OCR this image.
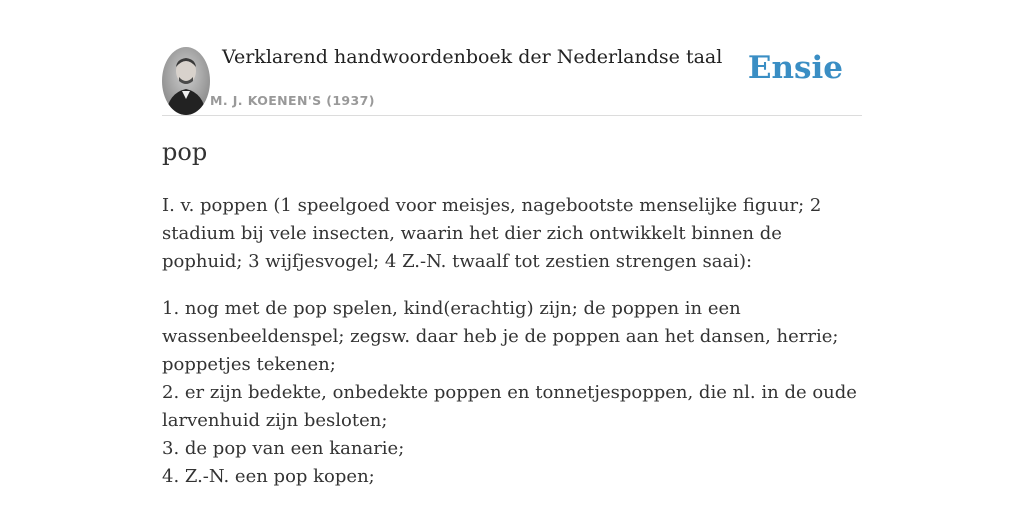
Verklarend handwoordenboek der Nederlandse taal
M. J. KOENEN'S (1937)
Ensie
pop

I. v. poppen (1 speelgoed voor meisjes, nagebootste menselijke figuur; 2 stadium bij vele insecten, waarin het dier zich ontwikkelt binnen de pophuid; 3 wijfjesvogel; 4 Z.-N. twaalf tot zestien strengen saai):

1. nog met de pop spelen, kind(erachtig) zijn; de poppen in een wassenbeeldenspel; zegsw. daar heb je de poppen aan het dansen, herrie; poppetjes tekenen;
2. er zijn bedekte, onbedekte poppen en tonnetjespoppen, die nl. in de oude larvenhuid zijn besloten;
3. de pop van een kanarie;
4. Z.-N. een pop kopen;
